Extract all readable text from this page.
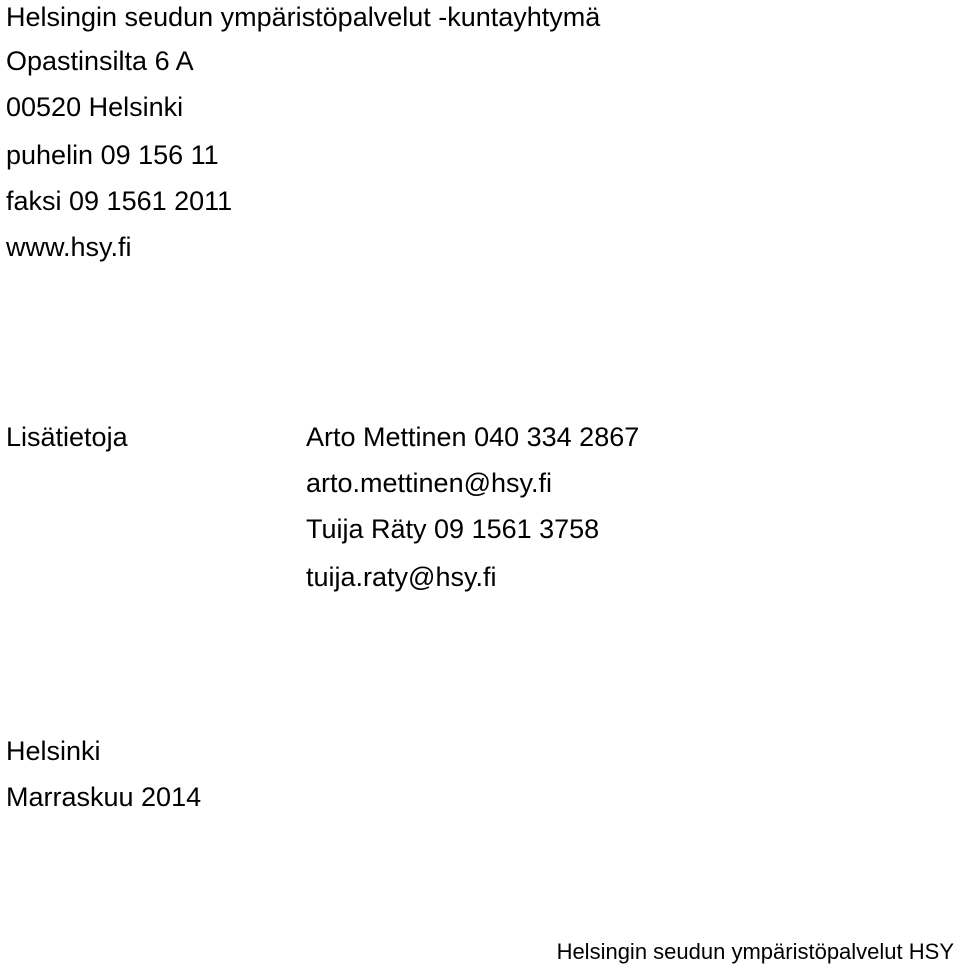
Helsingin seudun ympäristöpalvelut -kuntayhtymä
Opastinsilta 6 A
00520 Helsinki
puhelin 09 156 11
faksi 09 1561 2011
www.hsy.fi
Lisätietoja	Arto Mettinen 040 334 2867
arto.mettinen@hsy.fi
Tuija Räty 09 1561 3758
tuija.raty@hsy.fi
Helsinki
Marraskuu 2014
Helsingin seudun ympäristöpalvelut HSY
